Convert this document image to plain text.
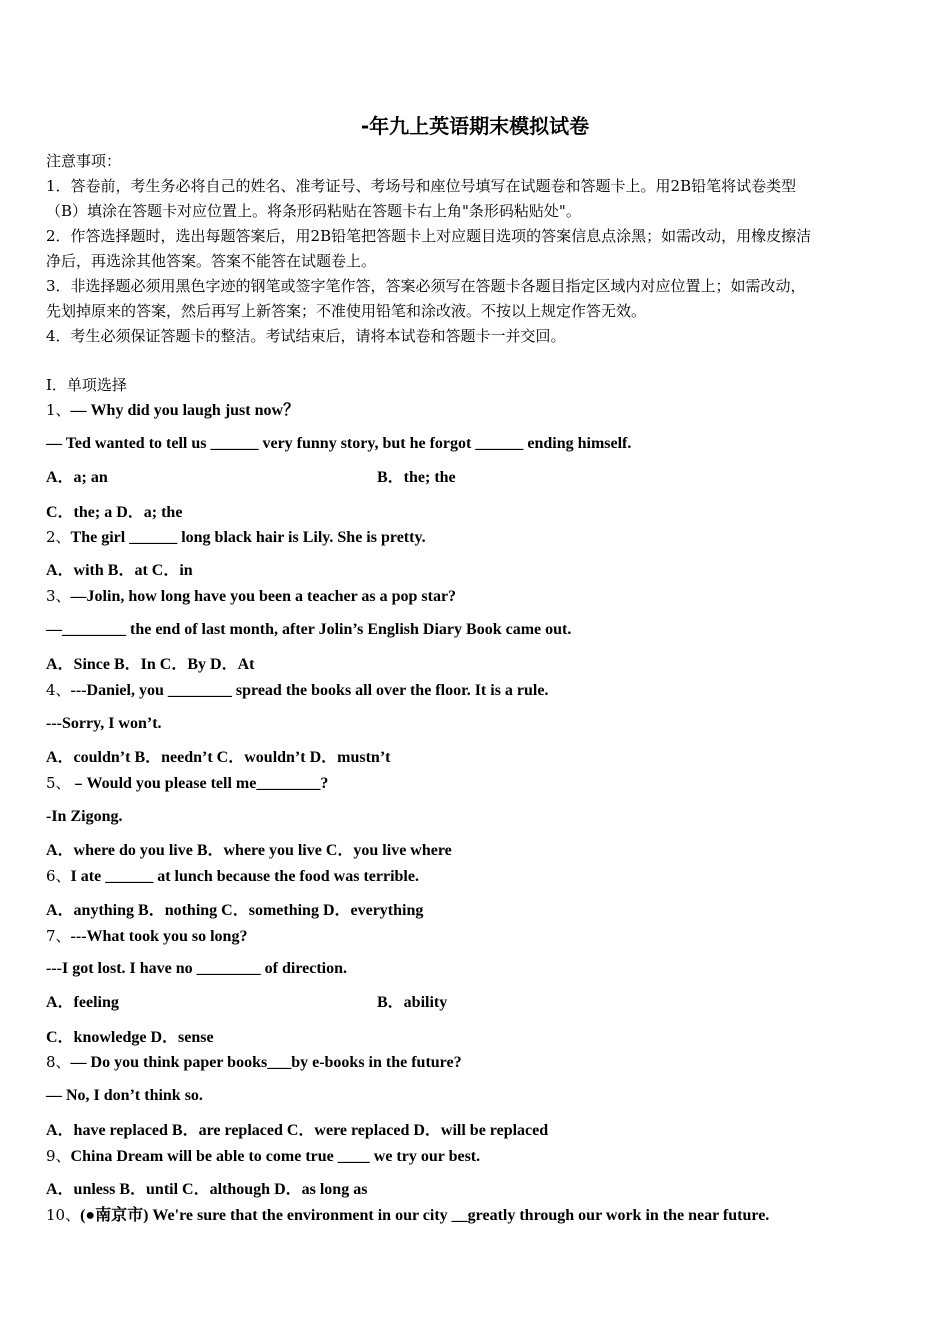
-年九上英语期末模拟试卷
注意事项：
1．答卷前，考生务必将自己的姓名、准考证号、考场号和座位号填写在试题卷和答题卡上。用2B铅笔将试卷类型
（B）填涂在答题卡对应位置上。将条形码粘贴在答题卡右上角"条形码粘贴处"。
2．作答选择题时，选出每题答案后，用2B铅笔把答题卡上对应题目选项的答案信息点涂黑；如需改动，用橡皮擦洁
净后，再选涂其他答案。答案不能答在试题卷上。
3．非选择题必须用黑色字迹的钢笔或签字笔作答，答案必须写在答题卡各题目指定区域内对应位置上；如需改动，
先划掉原来的答案，然后再写上新答案；不准使用铅笔和涂改液。不按以上规定作答无效。
4．考生必须保证答题卡的整洁。考试结束后，请将本试卷和答题卡一并交回。
Ⅰ．单项选择
1、— Why did you laugh just now？
— Ted wanted to tell us ______ very funny story, but he forgot ______ ending himself.
A．a; an	B．the; the
C．the; a D．a; the
2、The girl ______ long black hair is Lily. She is pretty.
A．with B．at C．in
3、—Jolin, how long have you been a teacher as a pop star?
—________ the end of last month, after Jolin’s English Diary Book came out.
A．Since B．In C．By D．At
4、---Daniel, you ________ spread the books all over the floor. It is a rule.
---Sorry, I won’t.
A．couldn’t B．needn’t C．wouldn’t D．mustn’t
5、﹣Would you please tell me________?
-In Zigong.
A．where do you live B．where you live C．you live where
6、I ate ______ at lunch because the food was terrible.
A．anything B．nothing C．something D．everything
7、---What took you so long?
---I got lost. I have no ________ of direction.
A．feeling	B．ability
C．knowledge D．sense
8、— Do you think paper books___by e-books in the future?
— No, I don’t think so.
A．have replaced B．are replaced C．were replaced D．will be replaced
9、China Dream will be able to come true ____ we try our best.
A．unless B．until C．although D．as long as
10、(●南京市) We're sure that the environment in our city __greatly through our work in the near future.
